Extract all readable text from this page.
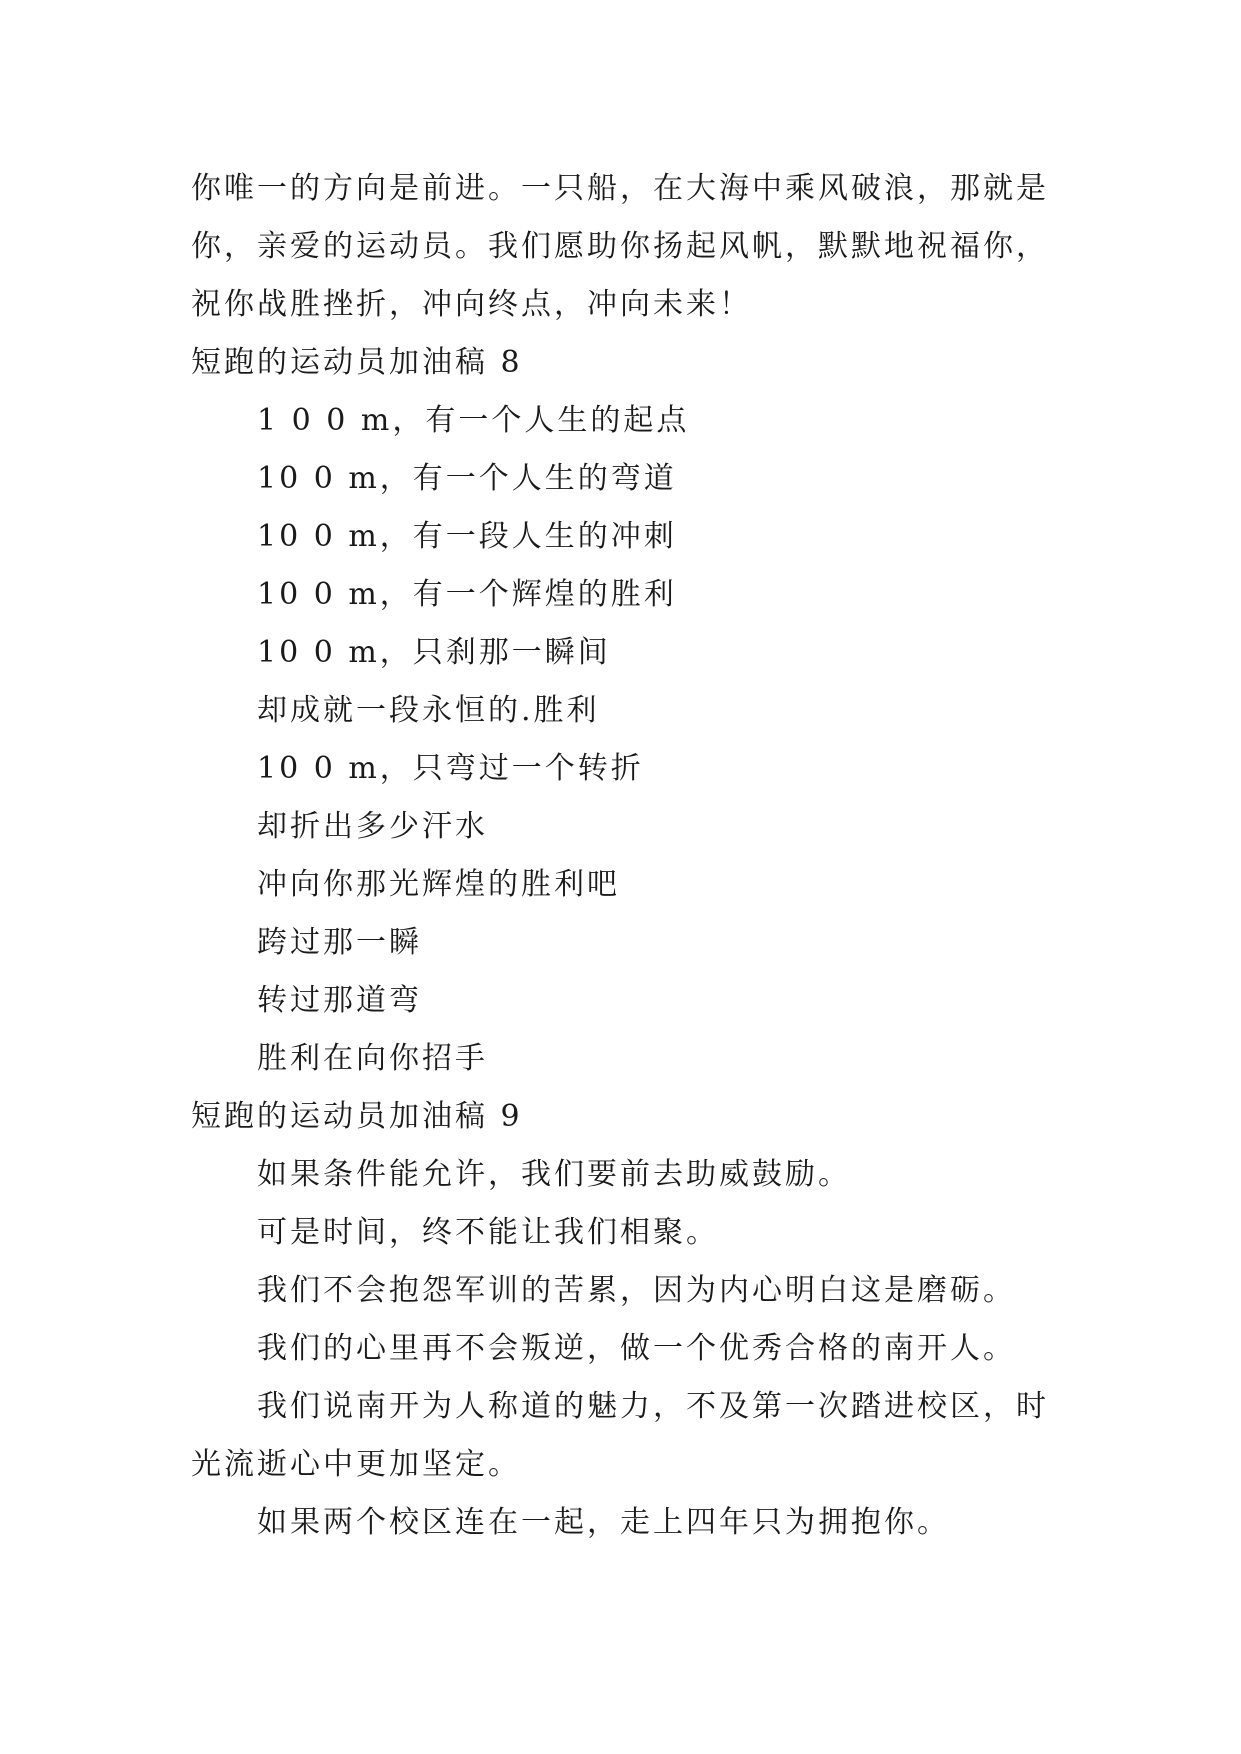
你唯一的方向是前进。一只船，在大海中乘风破浪，那就是
你，亲爱的运动员。我们愿助你扬起风帆，默默地祝福你，
祝你战胜挫折，冲向终点，冲向未来！
短跑的运动员加油稿 8
1 0 0 m，有一个人生的起点
10 0 m，有一个人生的弯道
10 0 m，有一段人生的冲刺
10 0 m，有一个辉煌的胜利
10 0 m，只刹那一瞬间
却成就一段永恒的.胜利
10 0 m，只弯过一个转折
却折出多少汗水
冲向你那光辉煌的胜利吧
跨过那一瞬
转过那道弯
胜利在向你招手
短跑的运动员加油稿 9
如果条件能允许，我们要前去助威鼓励。
可是时间，终不能让我们相聚。
我们不会抱怨军训的苦累，因为内心明白这是磨砺。
我们的心里再不会叛逆，做一个优秀合格的南开人。
我们说南开为人称道的魅力，不及第一次踏进校区，时
光流逝心中更加坚定。
如果两个校区连在一起，走上四年只为拥抱你。
